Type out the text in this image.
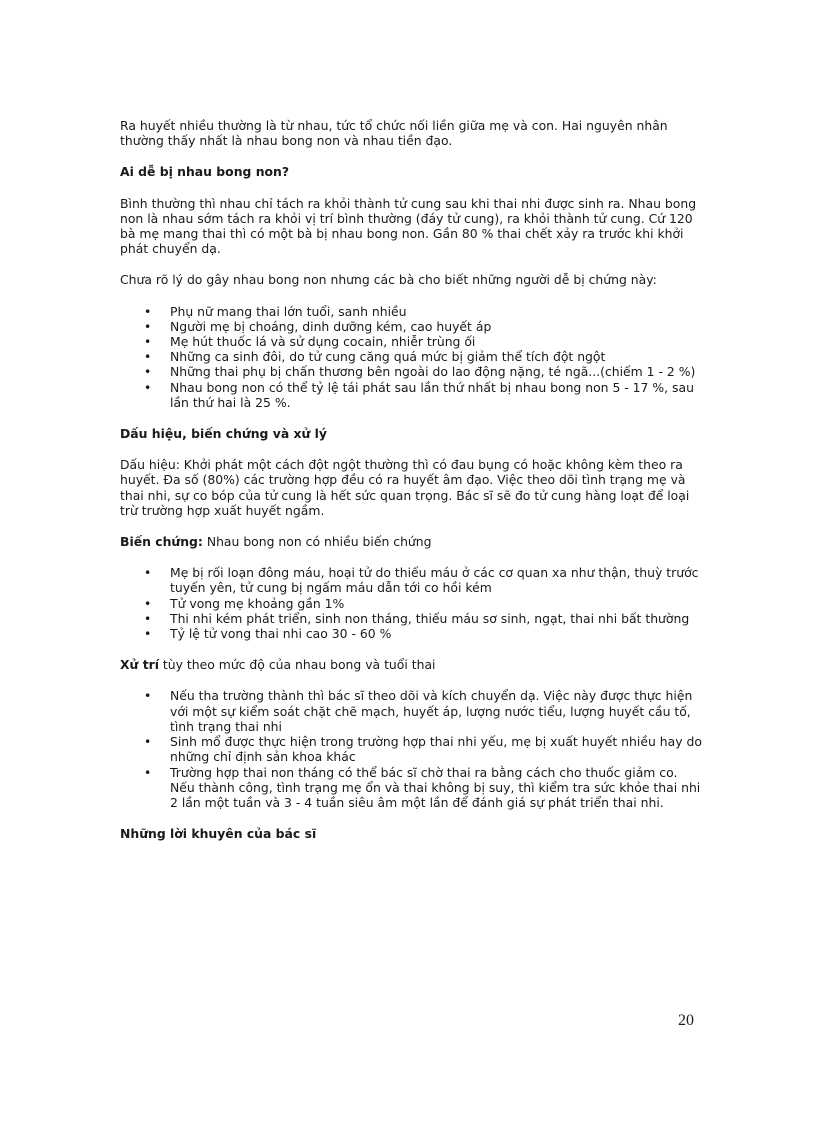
Ra huyết nhiều thường là từ nhau, tức tổ chức nối liền giữa mẹ và con. Hai nguyên nhân thường thấy nhất là nhau bong non và nhau tiền đạo.

Ai dễ bị nhau bong non?

Bình thường thì nhau chỉ tách ra khỏi thành tử cung sau khi thai nhi được sinh ra. Nhau bong non là nhau sớm tách ra khỏi vị trí bình thường (đáy tử cung), ra khỏi thành tử cung. Cứ 120 bà mẹ mang thai thì có một bà bị nhau bong non. Gần 80 % thai chết xảy ra trước khi khởi phát chuyển dạ.

Chưa rõ lý do gây nhau bong non nhưng các bà cho biết những người dễ bị chứng này:

• Phụ nữ mang thai lớn tuổi, sanh nhiều
• Người mẹ bị choáng, dinh dưỡng kém, cao huyết áp
• Mẹ hút thuốc lá và sử dụng cocain, nhiễr trùng ối
• Những ca sinh đôi, do tử cung căng quá mức bị giảm thể tích đột ngột
• Những thai phụ bị chấn thương bên ngoài do lao động nặng, té ngã...(chiếm 1 - 2 %)
• Nhau bong non có thể tỷ lệ tái phát sau lần thứ nhất bị nhau bong non 5 - 17 %, sau lần thứ hai là 25 %.
Dấu hiệu, biến chứng và xử lý

Dấu hiệu: Khởi phát một cách đột ngột thường thì có đau bụng có hoặc không kèm theo ra huyết. Đa số (80%) các trường hợp đều có ra huyết âm đạo. Việc theo dõi tình trạng mẹ và thai nhi, sự co bóp của tử cung là hết sức quan trọng. Bác sĩ sẽ đo tử cung hàng loạt để loại trừ trường hợp xuất huyết ngầm.

Biến chứng: Nhau bong non có nhiều biến chứng

• Mẹ bị rối loạn đông máu, hoại tử do thiếu máu ở các cơ quan xa như thận, thuỳ trước tuyến yên, tử cung bị ngấm máu dẫn tới co hồi kém
• Tử vong mẹ khoảng gần 1%
• Thi nhi kém phát triển, sinh non tháng, thiếu máu sơ sinh, ngạt, thai nhi bất thường
• Tỷ lệ tử vong thai nhi cao 30 - 60 %

Xử trí tùy theo mức độ của nhau bong và tuổi thai

• Nếu tha trường thành thì bác sĩ theo dõi và kích chuyển dạ. Việc này được thực hiện với một sự kiểm soát chặt chẽ mạch, huyết áp, lượng nước tiểu, lượng huyết cầu tố, tình trạng thai nhi
• Sinh mổ được thực hiện trong trường hợp thai nhi yếu, mẹ bị xuất huyết nhiều hay do những chỉ định sản khoa khác
• Trường hợp thai non tháng có thể bác sĩ chờ thai ra bằng cách cho thuốc giảm co. Nếu thành công, tình trạng mẹ ổn và thai không bị suy, thì kiểm tra sức khỏe thai nhi 2 lần một tuần và 3 - 4 tuần siêu âm một lần để đánh giá sự phát triển thai nhi.
Những lời khuyên của bác sĩ
20
